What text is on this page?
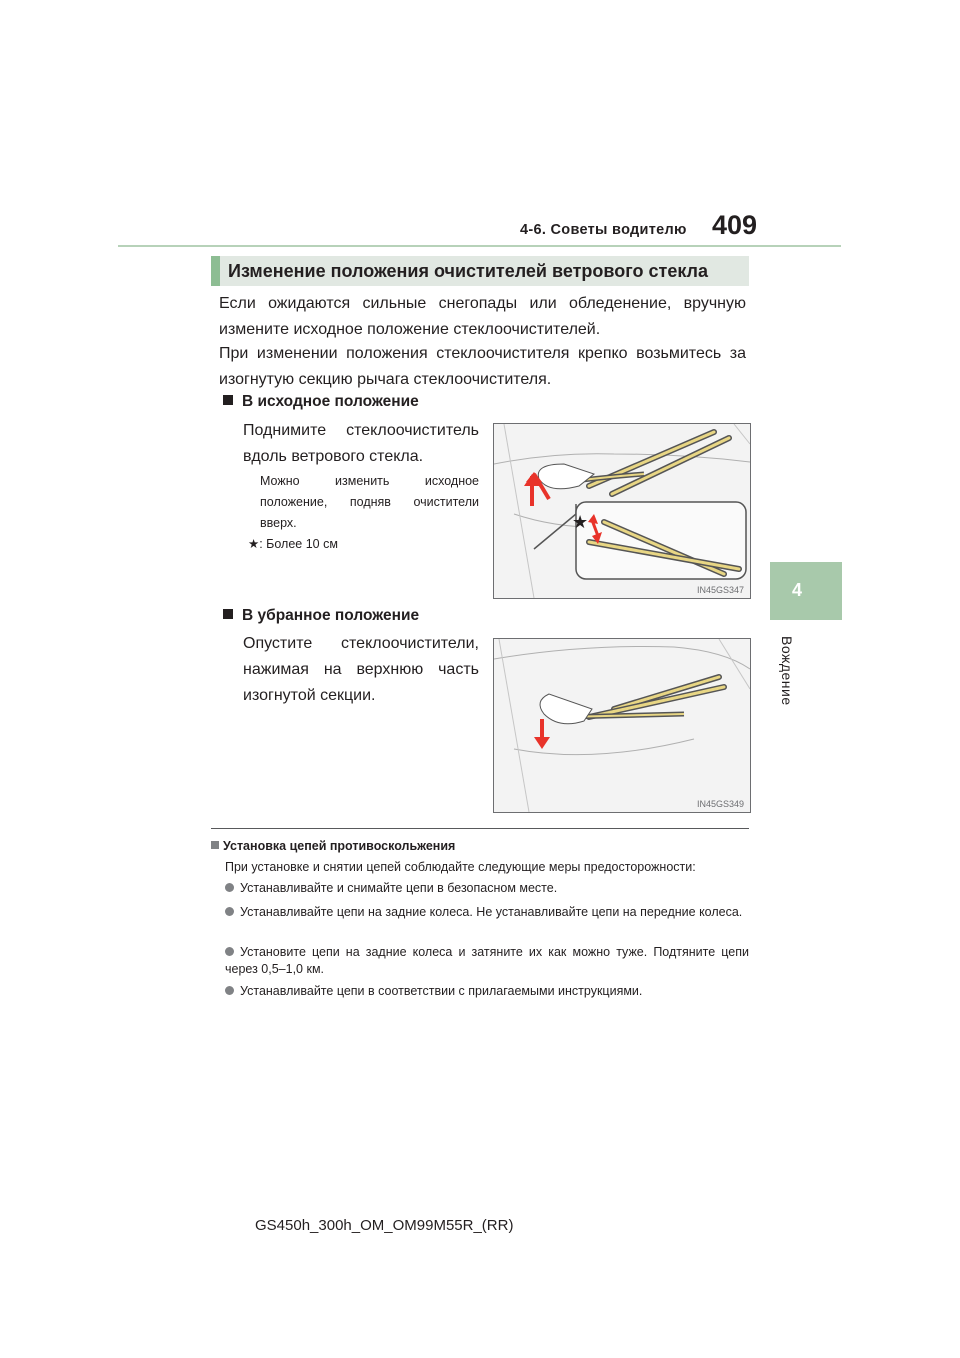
4-6. Советы водителю 409
4
Вождение
Изменение положения очистителей ветрового стекла
Если ожидаются сильные снегопады или обледенение, вручную измените исходное положение стеклоочистителей.
При изменении положения стеклоочистителя крепко возьмитесь за изогнутую секцию рычага стеклоочистителя.
В исходное положение
Поднимите стеклоочиститель вдоль ветрового стекла.
Можно изменить исходное положение, подняв очистители вверх.
★: Более 10 см
★
IN45GS347
В убранное положение
Опустите стеклоочистители, нажимая на верхнюю часть изогнутой секции.
IN45GS349
Установка цепей противоскольжения
При установке и снятии цепей соблюдайте следующие меры предосторожности:
Устанавливайте и снимайте цепи в безопасном месте.
Устанавливайте цепи на задние колеса. Не устанавливайте цепи на передние колеса.
Установите цепи на задние колеса и затяните их как можно туже. Подтяните цепи через 0,5–1,0 км.
Устанавливайте цепи в соответствии с прилагаемыми инструкциями.
GS450h_300h_OM_OM99M55R_(RR)
